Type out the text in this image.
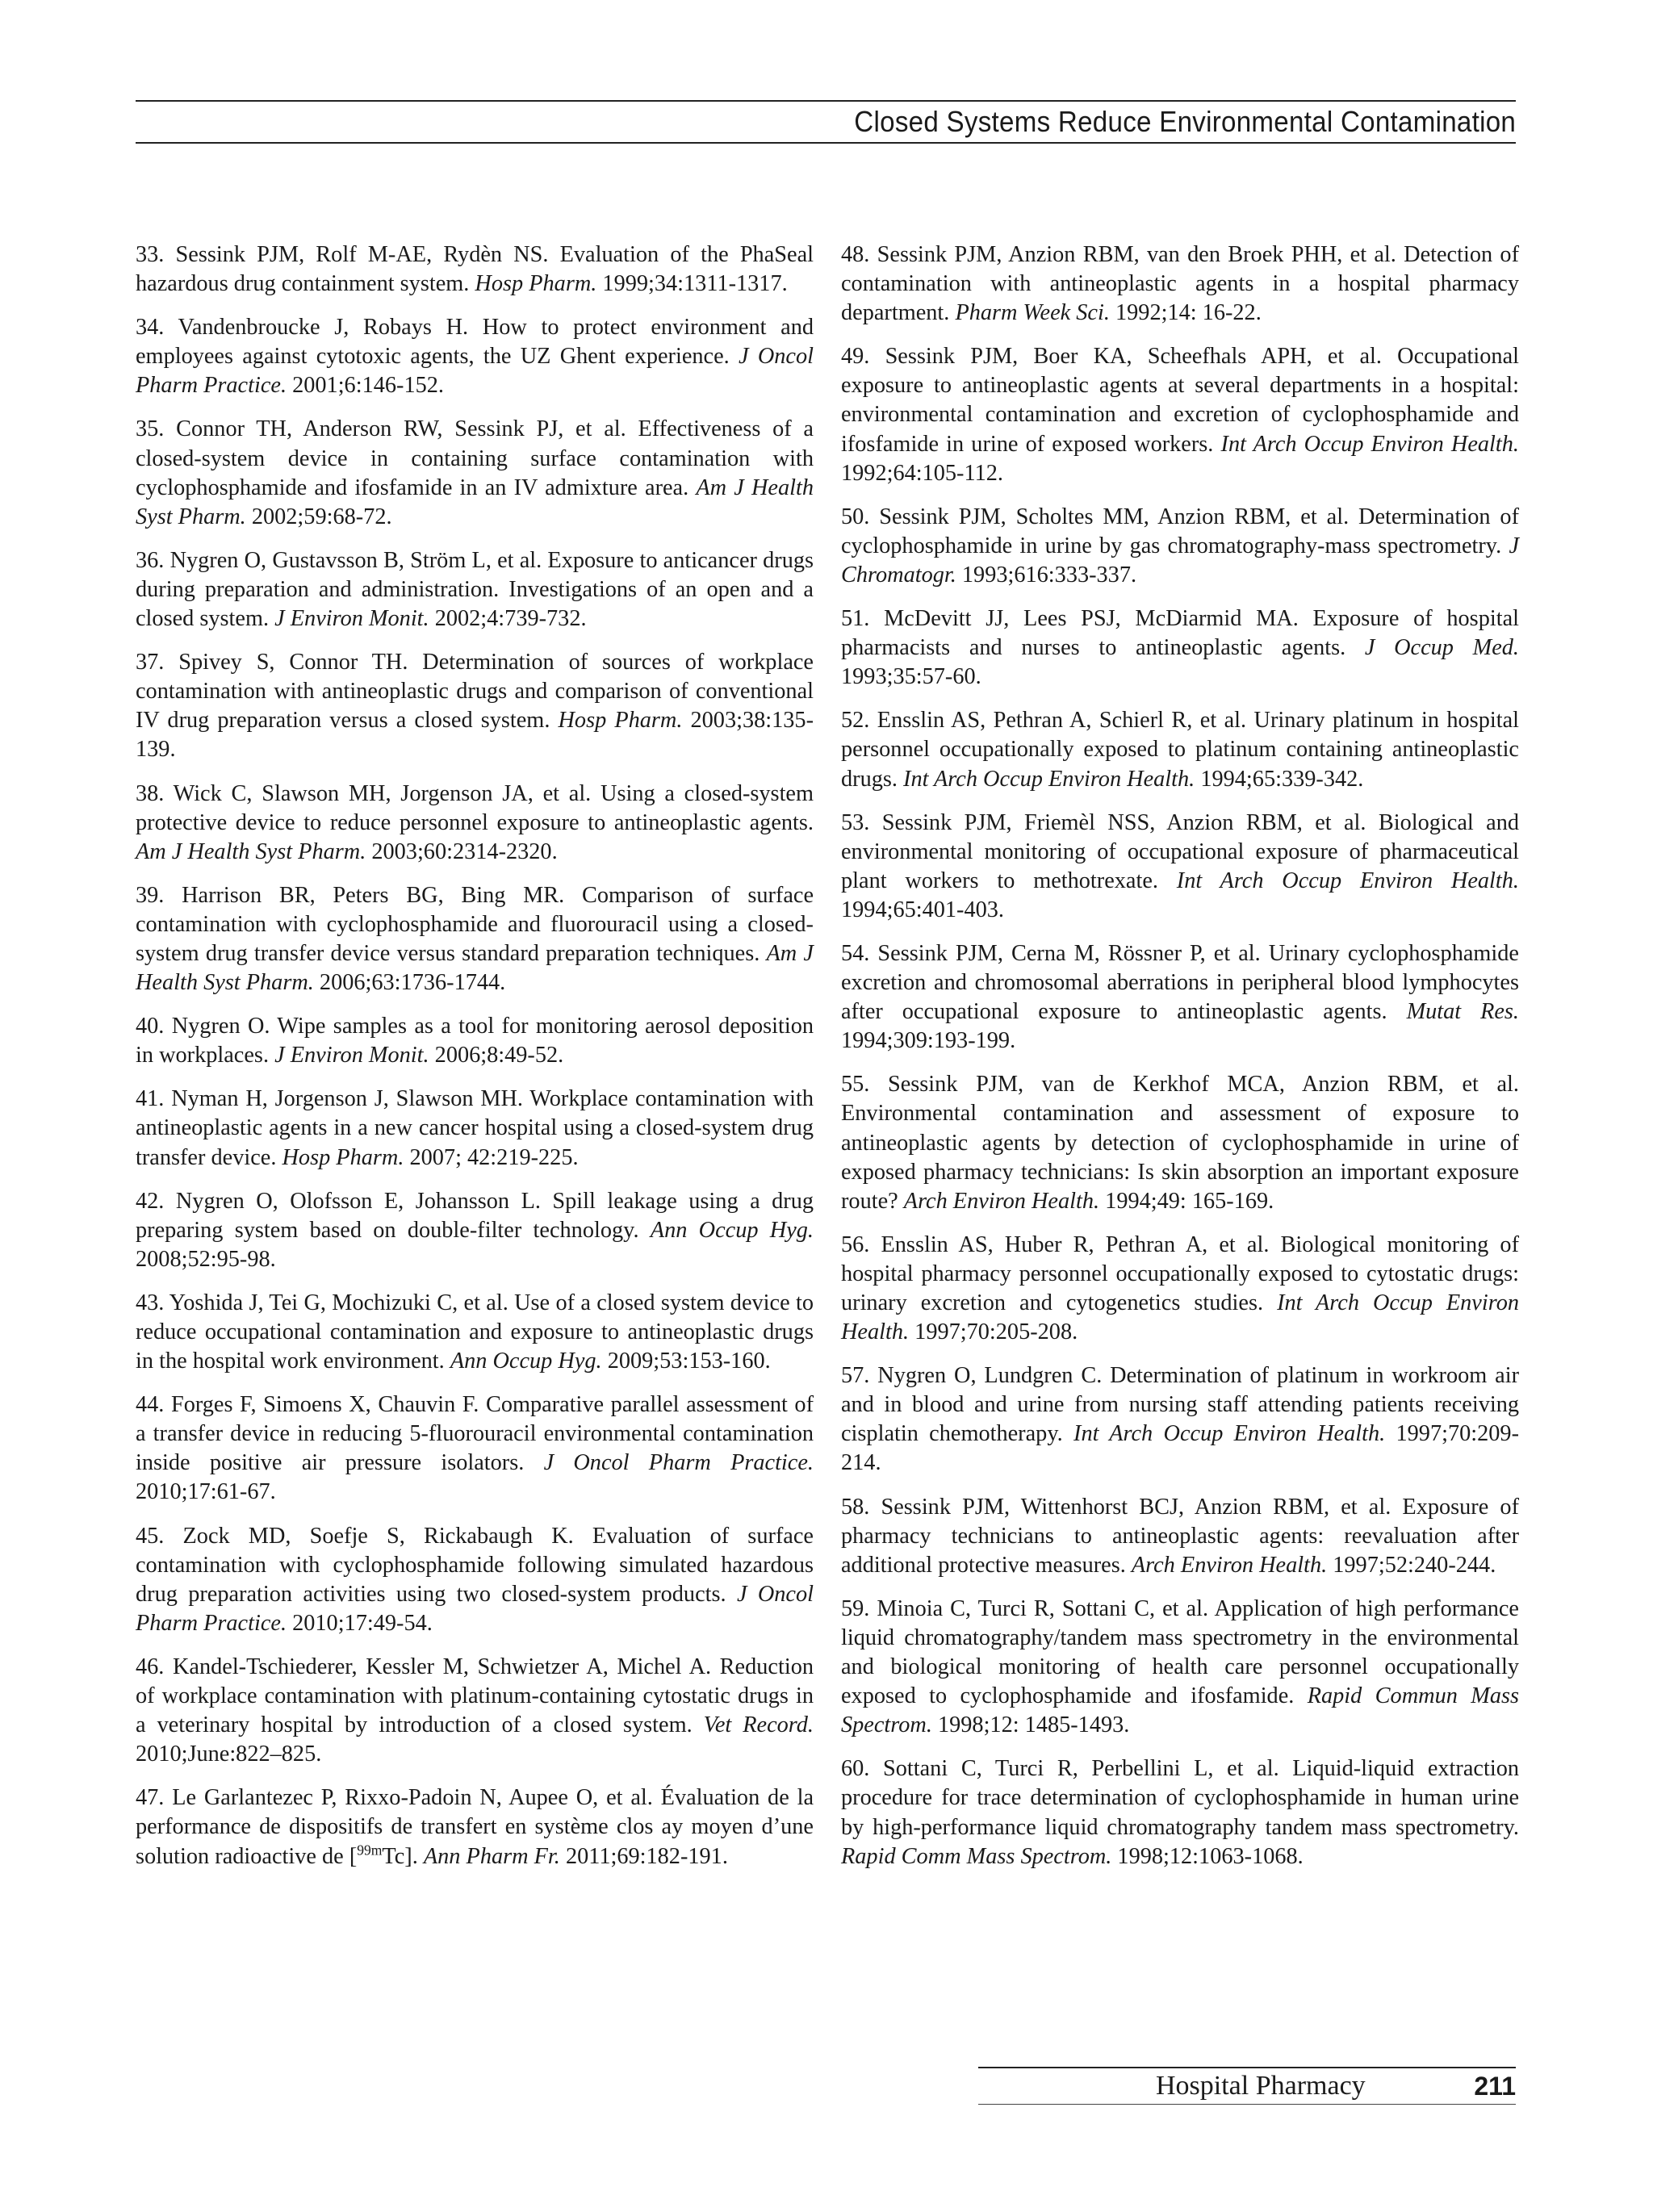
Closed Systems Reduce Environmental Contamination

33. Sessink PJM, Rolf M-AE, Rydèn NS. Evaluation of the PhaSeal hazardous drug containment system. Hosp Pharm. 1999;34:1311-1317.

34. Vandenbroucke J, Robays H. How to protect environment and employees against cytotoxic agents, the UZ Ghent experience. J Oncol Pharm Practice. 2001;6:146-152.

35. Connor TH, Anderson RW, Sessink PJ, et al. Effectiveness of a closed-system device in containing surface contamination with cyclophosphamide and ifosfamide in an IV admixture area. Am J Health Syst Pharm. 2002;59:68-72.

36. Nygren O, Gustavsson B, Ström L, et al. Exposure to anticancer drugs during preparation and administration. Investigations of an open and a closed system. J Environ Monit. 2002;4:739-732.

37. Spivey S, Connor TH. Determination of sources of workplace contamination with antineoplastic drugs and comparison of conventional IV drug preparation versus a closed system. Hosp Pharm. 2003;38:135-139.

38. Wick C, Slawson MH, Jorgenson JA, et al. Using a closed-system protective device to reduce personnel exposure to antineoplastic agents. Am J Health Syst Pharm. 2003;60:2314-2320.

39. Harrison BR, Peters BG, Bing MR. Comparison of surface contamination with cyclophosphamide and fluorouracil using a closed-system drug transfer device versus standard preparation techniques. Am J Health Syst Pharm. 2006;63:1736-1744.

40. Nygren O. Wipe samples as a tool for monitoring aerosol deposition in workplaces. J Environ Monit. 2006;8:49-52.

41. Nyman H, Jorgenson J, Slawson MH. Workplace contamination with antineoplastic agents in a new cancer hospital using a closed-system drug transfer device. Hosp Pharm. 2007; 42:219-225.

42. Nygren O, Olofsson E, Johansson L. Spill leakage using a drug preparing system based on double-filter technology. Ann Occup Hyg. 2008;52:95-98.

43. Yoshida J, Tei G, Mochizuki C, et al. Use of a closed system device to reduce occupational contamination and exposure to antineoplastic drugs in the hospital work environment. Ann Occup Hyg. 2009;53:153-160.

44. Forges F, Simoens X, Chauvin F. Comparative parallel assessment of a transfer device in reducing 5-fluorouracil environmental contamination inside positive air pressure isolators. J Oncol Pharm Practice. 2010;17:61-67.

45. Zock MD, Soefje S, Rickabaugh K. Evaluation of surface contamination with cyclophosphamide following simulated hazardous drug preparation activities using two closed-system products. J Oncol Pharm Practice. 2010;17:49-54.

46. Kandel-Tschiederer, Kessler M, Schwietzer A, Michel A. Reduction of workplace contamination with platinum-containing cytostatic drugs in a veterinary hospital by introduction of a closed system. Vet Record. 2010;June:822–825.

47. Le Garlantezec P, Rixxo-Padoin N, Aupee O, et al. Évaluation de la performance de dispositifs de transfert en système clos ay moyen d’une solution radioactive de [$^{99m}$Tc]. Ann Pharm Fr. 2011;69:182-191.

48. Sessink PJM, Anzion RBM, van den Broek PHH, et al. Detection of contamination with antineoplastic agents in a hospital pharmacy department. Pharm Week Sci. 1992;14: 16-22.

49. Sessink PJM, Boer KA, Scheefhals APH, et al. Occupational exposure to antineoplastic agents at several departments in a hospital: environmental contamination and excretion of cyclophosphamide and ifosfamide in urine of exposed workers. Int Arch Occup Environ Health. 1992;64:105-112.

50. Sessink PJM, Scholtes MM, Anzion RBM, et al. Determination of cyclophosphamide in urine by gas chromatography-mass spectrometry. J Chromatogr. 1993;616:333-337.

51. McDevitt JJ, Lees PSJ, McDiarmid MA. Exposure of hospital pharmacists and nurses to antineoplastic agents. J Occup Med. 1993;35:57-60.

52. Ensslin AS, Pethran A, Schierl R, et al. Urinary platinum in hospital personnel occupationally exposed to platinum containing antineoplastic drugs. Int Arch Occup Environ Health. 1994;65:339-342.

53. Sessink PJM, Friemèl NSS, Anzion RBM, et al. Biological and environmental monitoring of occupational exposure of pharmaceutical plant workers to methotrexate. Int Arch Occup Environ Health. 1994;65:401-403.

54. Sessink PJM, Cerna M, Rössner P, et al. Urinary cyclophosphamide excretion and chromosomal aberrations in peripheral blood lymphocytes after occupational exposure to antineoplastic agents. Mutat Res. 1994;309:193-199.

55. Sessink PJM, van de Kerkhof MCA, Anzion RBM, et al. Environmental contamination and assessment of exposure to antineoplastic agents by detection of cyclophosphamide in urine of exposed pharmacy technicians: Is skin absorption an important exposure route? Arch Environ Health. 1994;49: 165-169.

56. Ensslin AS, Huber R, Pethran A, et al. Biological monitoring of hospital pharmacy personnel occupationally exposed to cytostatic drugs: urinary excretion and cytogenetics studies. Int Arch Occup Environ Health. 1997;70:205-208.

57. Nygren O, Lundgren C. Determination of platinum in workroom air and in blood and urine from nursing staff attending patients receiving cisplatin chemotherapy. Int Arch Occup Environ Health. 1997;70:209-214.

58. Sessink PJM, Wittenhorst BCJ, Anzion RBM, et al. Exposure of pharmacy technicians to antineoplastic agents: reevaluation after additional protective measures. Arch Environ Health. 1997;52:240-244.

59. Minoia C, Turci R, Sottani C, et al. Application of high performance liquid chromatography/tandem mass spectrometry in the environmental and biological monitoring of health care personnel occupationally exposed to cyclophosphamide and ifosfamide. Rapid Commun Mass Spectrom. 1998;12: 1485-1493.

60. Sottani C, Turci R, Perbellini L, et al. Liquid-liquid extraction procedure for trace determination of cyclophosphamide in human urine by high-performance liquid chromatography tandem mass spectrometry. Rapid Comm Mass Spectrom. 1998;12:1063-1068.

Hospital Pharmacy	211
